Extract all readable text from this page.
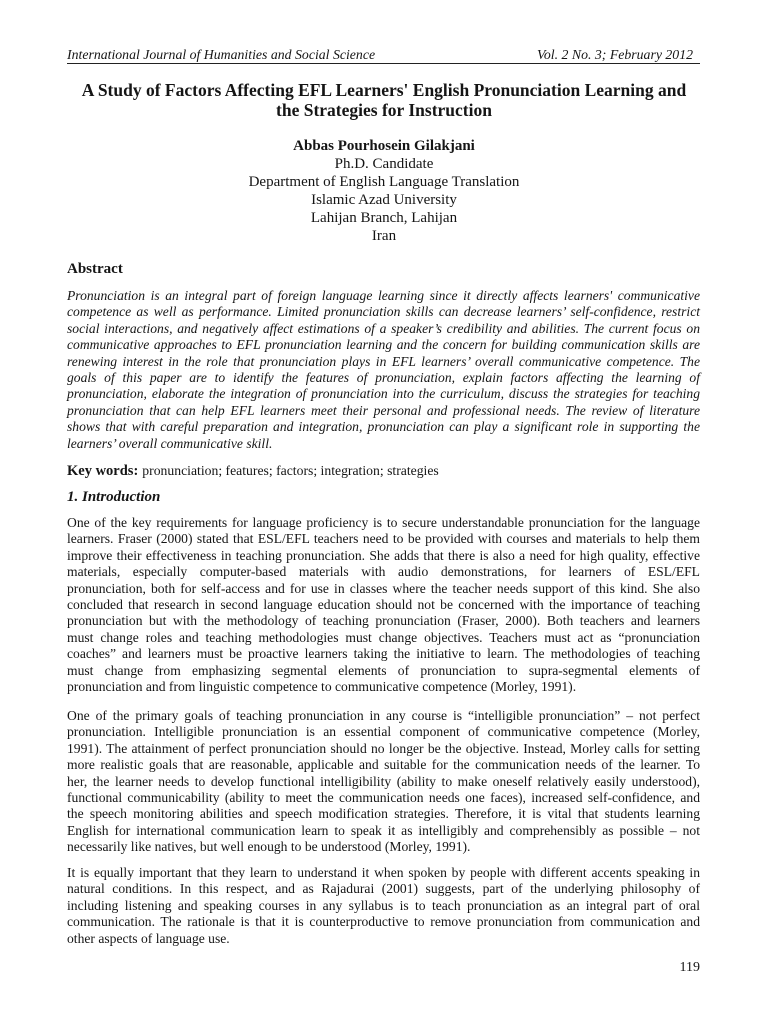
International Journal of Humanities and Social Science	Vol. 2 No. 3; February 2012
A Study of Factors Affecting EFL Learners' English Pronunciation Learning and
the Strategies for Instruction
Abbas Pourhosein Gilakjani
Ph.D. Candidate
Department of English Language Translation
Islamic Azad University
Lahijan Branch, Lahijan
Iran
Abstract
Pronunciation is an integral part of foreign language learning since it directly affects learners' communicative
competence as well as performance. Limited pronunciation skills can decrease learners’ self-confidence, restrict
social interactions, and negatively affect estimations of a speaker’s credibility and abilities. The current focus on
communicative approaches to EFL pronunciation learning and the concern for building communication skills are
renewing interest in the role that pronunciation plays in EFL learners’ overall communicative competence. The
goals of this paper are to identify the features of pronunciation, explain factors affecting the learning of
pronunciation, elaborate the integration of pronunciation into the curriculum, discuss the strategies for teaching
pronunciation that can help EFL learners meet their personal and professional needs. The review of literature
shows that with careful preparation and integration, pronunciation can play a significant role in supporting the
learners’ overall communicative skill.
Key words: pronunciation; features; factors; integration; strategies
1. Introduction
One of the key requirements for language proficiency is to secure understandable pronunciation for the language
learners. Fraser (2000) stated that ESL/EFL teachers need to be provided with courses and materials to help them
improve their effectiveness in teaching pronunciation. She adds that there is also a need for high quality, effective
materials, especially computer-based materials with audio demonstrations, for learners of ESL/EFL
pronunciation, both for self-access and for use in classes where the teacher needs support of this kind. She also
concluded that research in second language education should not be concerned with the importance of teaching
pronunciation but with the methodology of teaching pronunciation (Fraser, 2000). Both teachers and learners
must change roles and teaching methodologies must change objectives. Teachers must act as “pronunciation
coaches” and learners must be proactive learners taking the initiative to learn. The methodologies of teaching
must change from emphasizing segmental elements of pronunciation to supra-segmental elements of
pronunciation and from linguistic competence to communicative competence (Morley, 1991).
One of the primary goals of teaching pronunciation in any course is “intelligible pronunciation” – not perfect
pronunciation. Intelligible pronunciation is an essential component of communicative competence (Morley,
1991). The attainment of perfect pronunciation should no longer be the objective. Instead, Morley calls for setting
more realistic goals that are reasonable, applicable and suitable for the communication needs of the learner. To
her, the learner needs to develop functional intelligibility (ability to make oneself relatively easily understood),
functional communicability (ability to meet the communication needs one faces), increased self-confidence, and
the speech monitoring abilities and speech modification strategies. Therefore, it is vital that students learning
English for international communication learn to speak it as intelligibly and comprehensibly as possible – not
necessarily like natives, but well enough to be understood (Morley, 1991).
It is equally important that they learn to understand it when spoken by people with different accents speaking in
natural conditions. In this respect, and as Rajadurai (2001) suggests, part of the underlying philosophy of
including listening and speaking courses in any syllabus is to teach pronunciation as an integral part of oral
communication. The rationale is that it is counterproductive to remove pronunciation from communication and
other aspects of language use.
119
